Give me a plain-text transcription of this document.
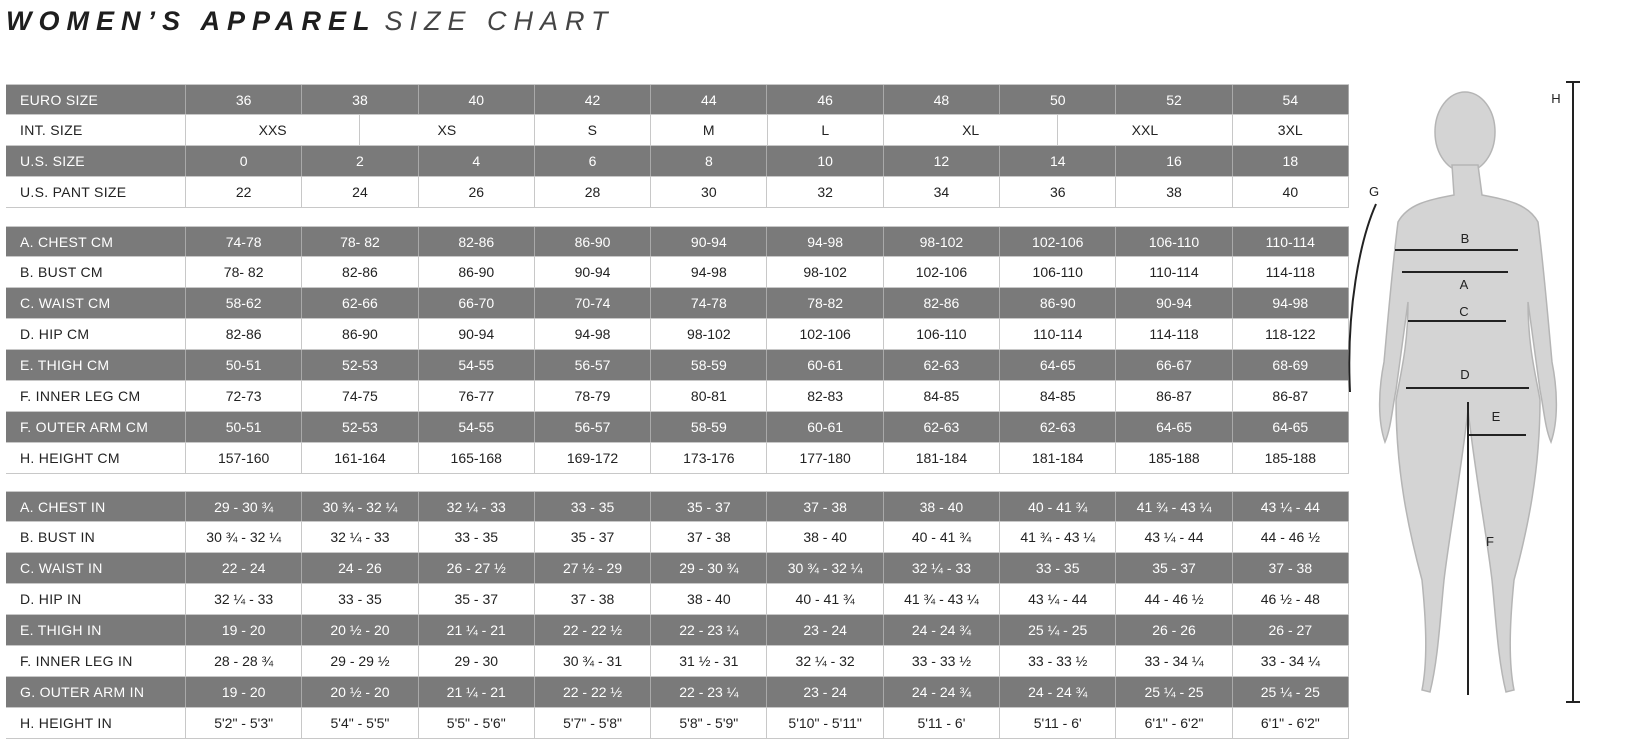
WOMEN’S APPAREL SIZE CHART
EURO SIZE	36	38	40	42	44	46	48	50	52	54
INT. SIZE	XXS	XS	S	M	L	XL	XXL	3XL
U.S. SIZE	0	2	4	6	8	10	12	14	16	18
U.S. PANT SIZE	22	24	26	28	30	32	34	36	38	40
A. CHEST CM	74-78	78- 82	82-86	86-90	90-94	94-98	98-102	102-106	106-110	110-114
B. BUST CM	78- 82	82-86	86-90	90-94	94-98	98-102	102-106	106-110	110-114	114-118
C. WAIST CM	58-62	62-66	66-70	70-74	74-78	78-82	82-86	86-90	90-94	94-98
D. HIP CM	82-86	86-90	90-94	94-98	98-102	102-106	106-110	110-114	114-118	118-122
E. THIGH CM	50-51	52-53	54-55	56-57	58-59	60-61	62-63	64-65	66-67	68-69
F. INNER LEG CM	72-73	74-75	76-77	78-79	80-81	82-83	84-85	84-85	86-87	86-87
F. OUTER ARM CM	50-51	52-53	54-55	56-57	58-59	60-61	62-63	62-63	64-65	64-65
H. HEIGHT CM	157-160	161-164	165-168	169-172	173-176	177-180	181-184	181-184	185-188	185-188
A. CHEST IN	29 - 30 ¾	30 ¾ - 32 ¼	32 ¼ - 33	33 - 35	35 - 37	37 - 38	38 - 40	40 - 41 ¾	41 ¾ - 43 ¼	43 ¼ - 44
B. BUST IN	30 ¾ - 32 ¼	32 ¼ - 33	33 - 35	35 - 37	37 - 38	38 - 40	40 - 41 ¾	41 ¾ - 43 ¼	43 ¼ - 44	44 - 46 ½
C. WAIST IN	22 - 24	24 - 26	26 - 27 ½	27 ½ - 29	29 - 30 ¾	30 ¾ - 32 ¼	32 ¼ - 33	33 - 35	35 - 37	37 - 38
D. HIP IN	32 ¼ - 33	33 - 35	35 - 37	37 - 38	38 - 40	40 - 41 ¾	41 ¾ - 43 ¼	43 ¼ - 44	44 - 46 ½	46 ½ - 48
E. THIGH IN	19 - 20	20 ½ - 20	21 ¼ - 21	22 - 22 ½	22 - 23 ¼	23 - 24	24 - 24 ¾	25 ¼ - 25	26 - 26	26 - 27
F. INNER LEG IN	28 - 28 ¾	29 - 29 ½	29 - 30	30 ¾ - 31	31 ½ - 31	32 ¼ - 32	33 - 33 ½	33 - 33 ½	33 - 34 ¼	33 - 34 ¼
G. OUTER ARM IN	19 - 20	20 ½ - 20	21 ¼ - 21	22 - 22 ½	22 - 23 ¼	23 - 24	24 - 24 ¾	24 - 24 ¾	25 ¼ - 25	25 ¼ - 25
H. HEIGHT IN	5'2" - 5'3"	5'4" - 5'5"	5'5" - 5'6"	5'7" - 5'8"	5'8" - 5'9"	5'10" - 5'11"	5'11 - 6'	5'11 - 6'	6'1" - 6'2"	6'1" - 6'2"
B
A
C
D
E
F
G
H
